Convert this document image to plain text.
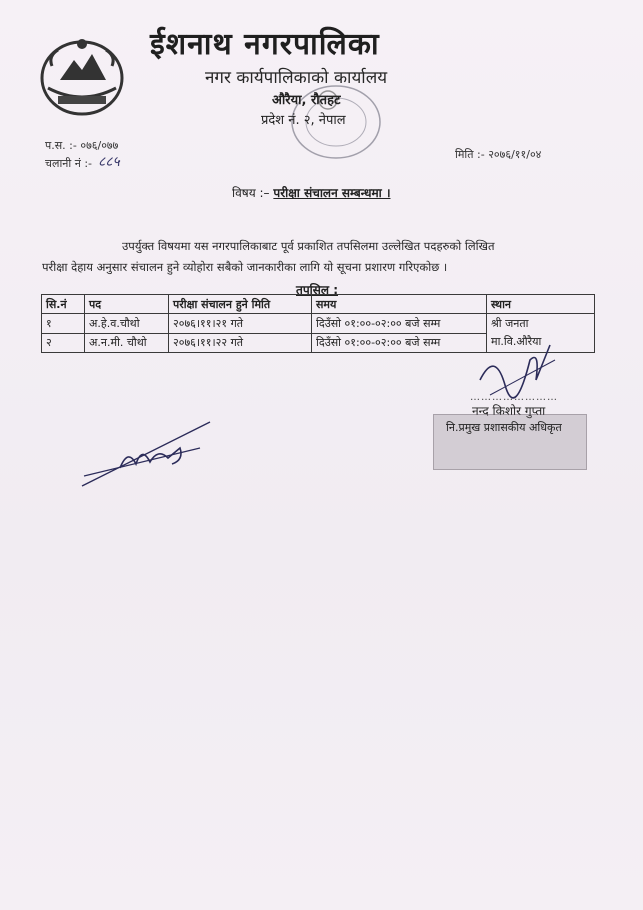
ईशनाथ नगरपालिका
नगर कार्यपालिकाको कार्यालय
औरैया, रौतहट
प्रदेश नं. २, नेपाल
प.स. :- ०७६/०७७
चलानी नं :- ८८५	मिति :- २०७६/११/०४
विषय :– परीक्षा संचालन सम्बन्धमा ।
उपर्युक्त विषयमा यस नगरपालिकाबाट पूर्व प्रकाशित तपसिलमा उल्लेखित पदहरुको लिखित
परीक्षा देहाय अनुसार संचालन हुने व्योहोरा सबैको जानकारीका लागि यो सूचना प्रशारण गरिएकोछ ।
तपसिल :
सि.नं	पद	परीक्षा संचालन हुने मिति	समय	स्थान
१	अ.हे.व.चौथो	२०७६।११।२१ गते	दिउँसो ०१:००-०२:०० बजे सम्म	श्री जनता
मा.वि.औरैया

२	अ.न.मी. चौथो	२०७६।११।२२ गते	दिउँसो ०१:००-०२:०० बजे सम्म	
……………………
नन्द किशोर गुप्ता
नि.प्रमुख प्रशासकीय अधिकृत
